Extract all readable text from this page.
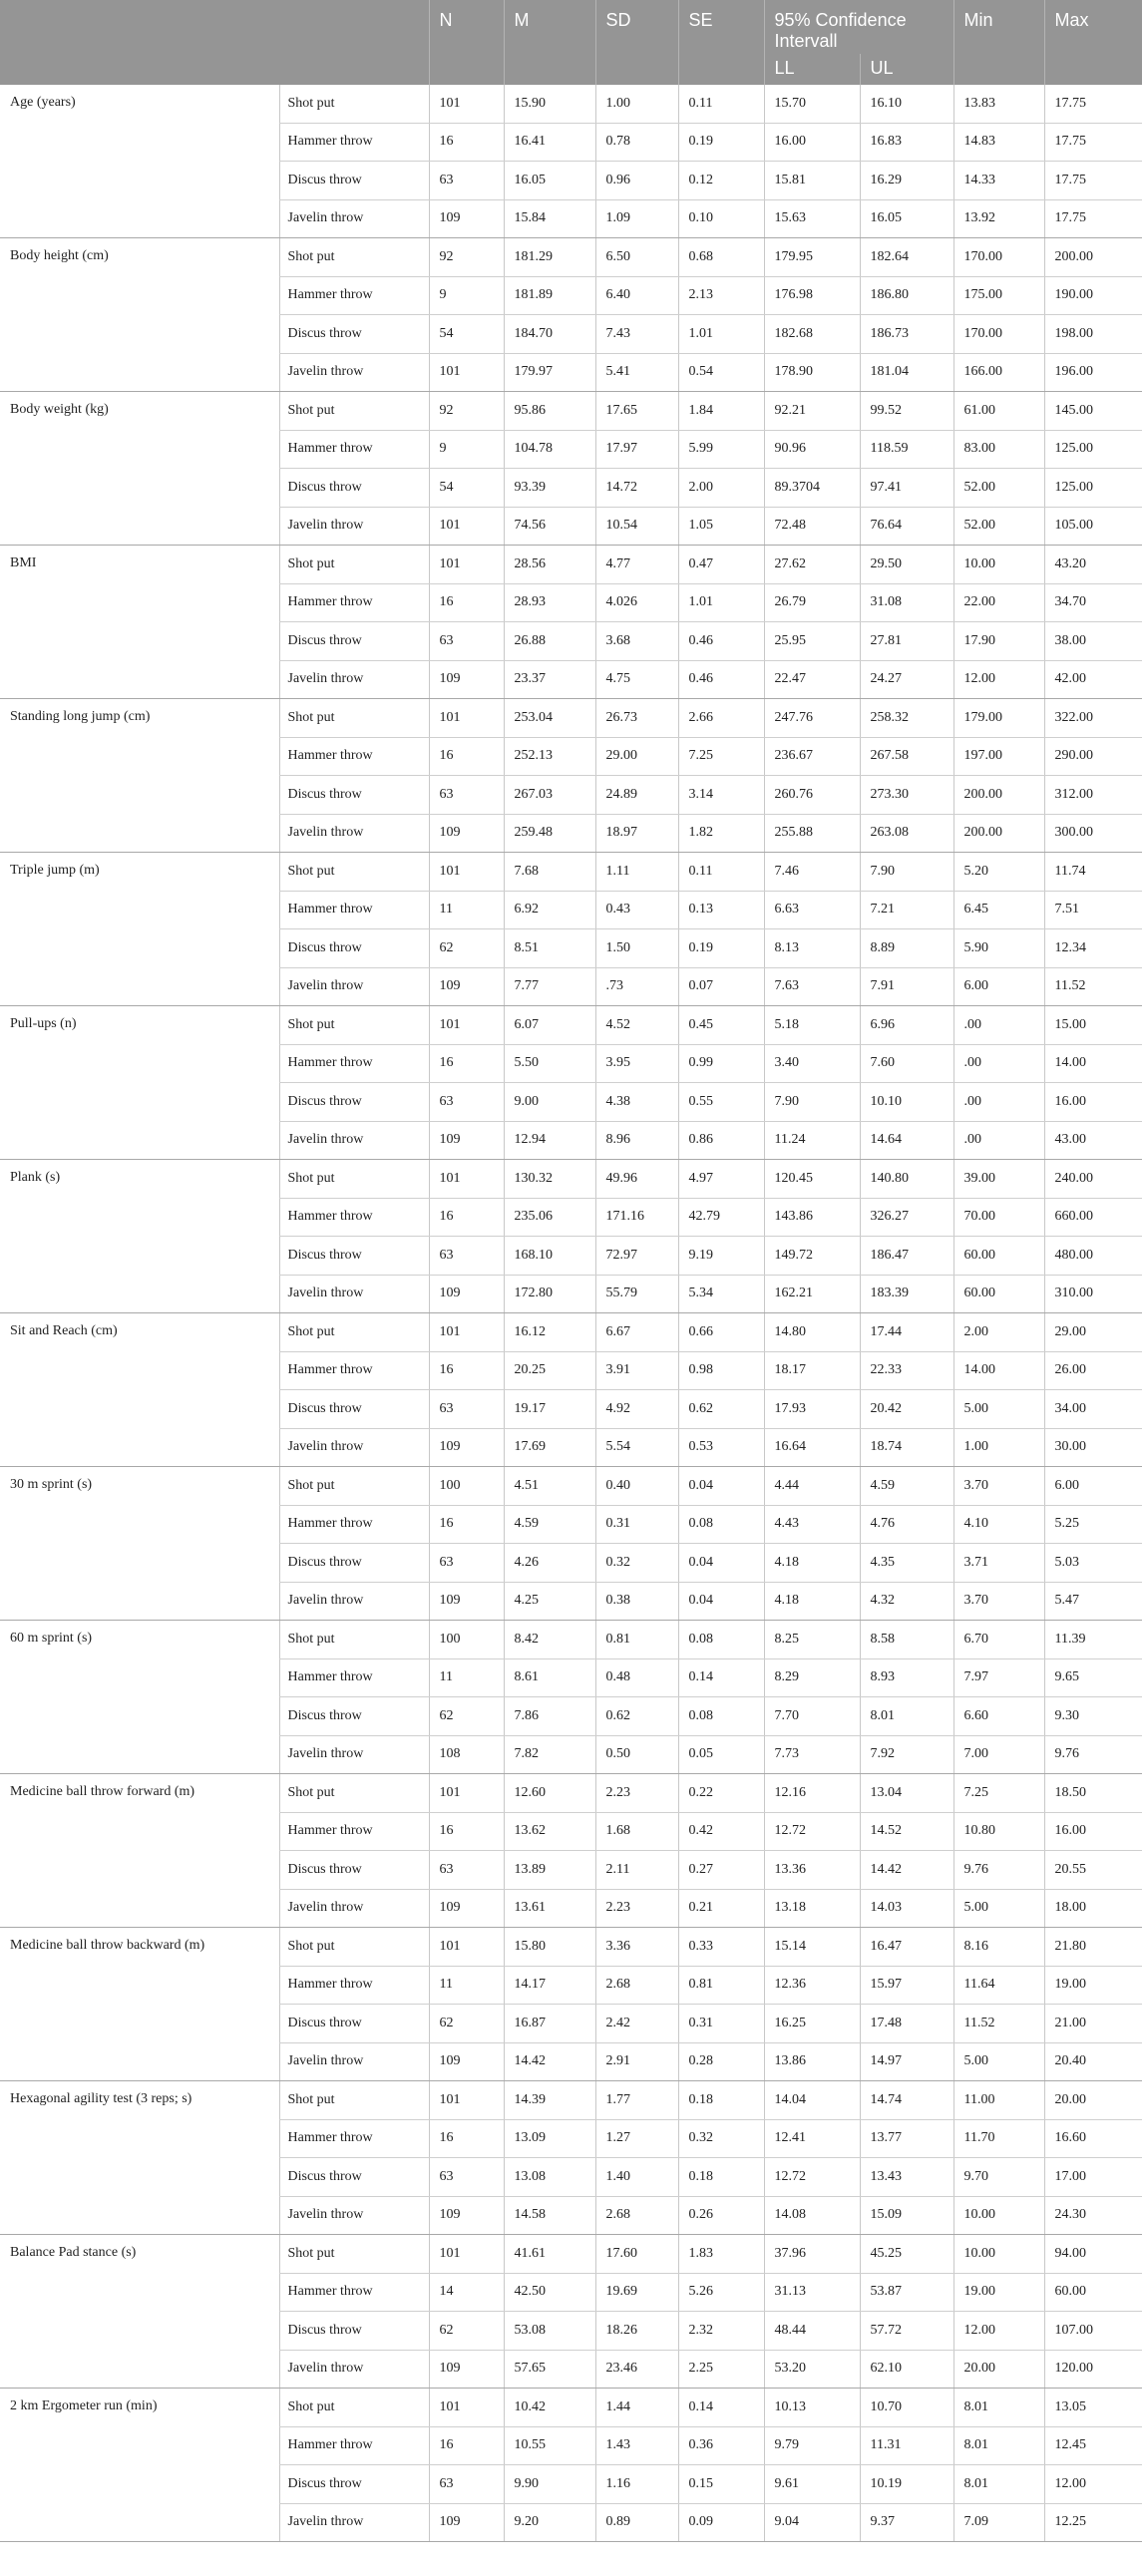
		N	M	SD	SE	95% Confidence Intervall		Min	Max
						LL	UL		
Age (years)	Shot put	101	15.90	1.00	0.11	15.70	16.10	13.83	17.75
	Hammer throw	16	16.41	0.78	0.19	16.00	16.83	14.83	17.75
	Discus throw	63	16.05	0.96	0.12	15.81	16.29	14.33	17.75
	Javelin throw	109	15.84	1.09	0.10	15.63	16.05	13.92	17.75
Body height (cm)	Shot put	92	181.29	6.50	0.68	179.95	182.64	170.00	200.00
	Hammer throw	9	181.89	6.40	2.13	176.98	186.80	175.00	190.00
	Discus throw	54	184.70	7.43	1.01	182.68	186.73	170.00	198.00
	Javelin throw	101	179.97	5.41	0.54	178.90	181.04	166.00	196.00
Body weight (kg)	Shot put	92	95.86	17.65	1.84	92.21	99.52	61.00	145.00
	Hammer throw	9	104.78	17.97	5.99	90.96	118.59	83.00	125.00
	Discus throw	54	93.39	14.72	2.00	89.3704	97.41	52.00	125.00
	Javelin throw	101	74.56	10.54	1.05	72.48	76.64	52.00	105.00
BMI	Shot put	101	28.56	4.77	0.47	27.62	29.50	10.00	43.20
	Hammer throw	16	28.93	4.026	1.01	26.79	31.08	22.00	34.70
	Discus throw	63	26.88	3.68	0.46	25.95	27.81	17.90	38.00
	Javelin throw	109	23.37	4.75	0.46	22.47	24.27	12.00	42.00
Standing long jump (cm)	Shot put	101	253.04	26.73	2.66	247.76	258.32	179.00	322.00
	Hammer throw	16	252.13	29.00	7.25	236.67	267.58	197.00	290.00
	Discus throw	63	267.03	24.89	3.14	260.76	273.30	200.00	312.00
	Javelin throw	109	259.48	18.97	1.82	255.88	263.08	200.00	300.00
Triple jump (m)	Shot put	101	7.68	1.11	0.11	7.46	7.90	5.20	11.74
	Hammer throw	11	6.92	0.43	0.13	6.63	7.21	6.45	7.51
	Discus throw	62	8.51	1.50	0.19	8.13	8.89	5.90	12.34
	Javelin throw	109	7.77	.73	0.07	7.63	7.91	6.00	11.52
Pull-ups (n)	Shot put	101	6.07	4.52	0.45	5.18	6.96	.00	15.00
	Hammer throw	16	5.50	3.95	0.99	3.40	7.60	.00	14.00
	Discus throw	63	9.00	4.38	0.55	7.90	10.10	.00	16.00
	Javelin throw	109	12.94	8.96	0.86	11.24	14.64	.00	43.00
Plank (s)	Shot put	101	130.32	49.96	4.97	120.45	140.80	39.00	240.00
	Hammer throw	16	235.06	171.16	42.79	143.86	326.27	70.00	660.00
	Discus throw	63	168.10	72.97	9.19	149.72	186.47	60.00	480.00
	Javelin throw	109	172.80	55.79	5.34	162.21	183.39	60.00	310.00
Sit and Reach (cm)	Shot put	101	16.12	6.67	0.66	14.80	17.44	2.00	29.00
	Hammer throw	16	20.25	3.91	0.98	18.17	22.33	14.00	26.00
	Discus throw	63	19.17	4.92	0.62	17.93	20.42	5.00	34.00
	Javelin throw	109	17.69	5.54	0.53	16.64	18.74	1.00	30.00
30 m sprint (s)	Shot put	100	4.51	0.40	0.04	4.44	4.59	3.70	6.00
	Hammer throw	16	4.59	0.31	0.08	4.43	4.76	4.10	5.25
	Discus throw	63	4.26	0.32	0.04	4.18	4.35	3.71	5.03
	Javelin throw	109	4.25	0.38	0.04	4.18	4.32	3.70	5.47
60 m sprint (s)	Shot put	100	8.42	0.81	0.08	8.25	8.58	6.70	11.39
	Hammer throw	11	8.61	0.48	0.14	8.29	8.93	7.97	9.65
	Discus throw	62	7.86	0.62	0.08	7.70	8.01	6.60	9.30
	Javelin throw	108	7.82	0.50	0.05	7.73	7.92	7.00	9.76
Medicine ball throw forward (m)	Shot put	101	12.60	2.23	0.22	12.16	13.04	7.25	18.50
	Hammer throw	16	13.62	1.68	0.42	12.72	14.52	10.80	16.00
	Discus throw	63	13.89	2.11	0.27	13.36	14.42	9.76	20.55
	Javelin throw	109	13.61	2.23	0.21	13.18	14.03	5.00	18.00
Medicine ball throw backward (m)	Shot put	101	15.80	3.36	0.33	15.14	16.47	8.16	21.80
	Hammer throw	11	14.17	2.68	0.81	12.36	15.97	11.64	19.00
	Discus throw	62	16.87	2.42	0.31	16.25	17.48	11.52	21.00
	Javelin throw	109	14.42	2.91	0.28	13.86	14.97	5.00	20.40
Hexagonal agility test (3 reps; s)	Shot put	101	14.39	1.77	0.18	14.04	14.74	11.00	20.00
	Hammer throw	16	13.09	1.27	0.32	12.41	13.77	11.70	16.60
	Discus throw	63	13.08	1.40	0.18	12.72	13.43	9.70	17.00
	Javelin throw	109	14.58	2.68	0.26	14.08	15.09	10.00	24.30
Balance Pad stance (s)	Shot put	101	41.61	17.60	1.83	37.96	45.25	10.00	94.00
	Hammer throw	14	42.50	19.69	5.26	31.13	53.87	19.00	60.00
	Discus throw	62	53.08	18.26	2.32	48.44	57.72	12.00	107.00
	Javelin throw	109	57.65	23.46	2.25	53.20	62.10	20.00	120.00
2 km Ergometer run (min)	Shot put	101	10.42	1.44	0.14	10.13	10.70	8.01	13.05
	Hammer throw	16	10.55	1.43	0.36	9.79	11.31	8.01	12.45
	Discus throw	63	9.90	1.16	0.15	9.61	10.19	8.01	12.00
	Javelin throw	109	9.20	0.89	0.09	9.04	9.37	7.09	12.25
